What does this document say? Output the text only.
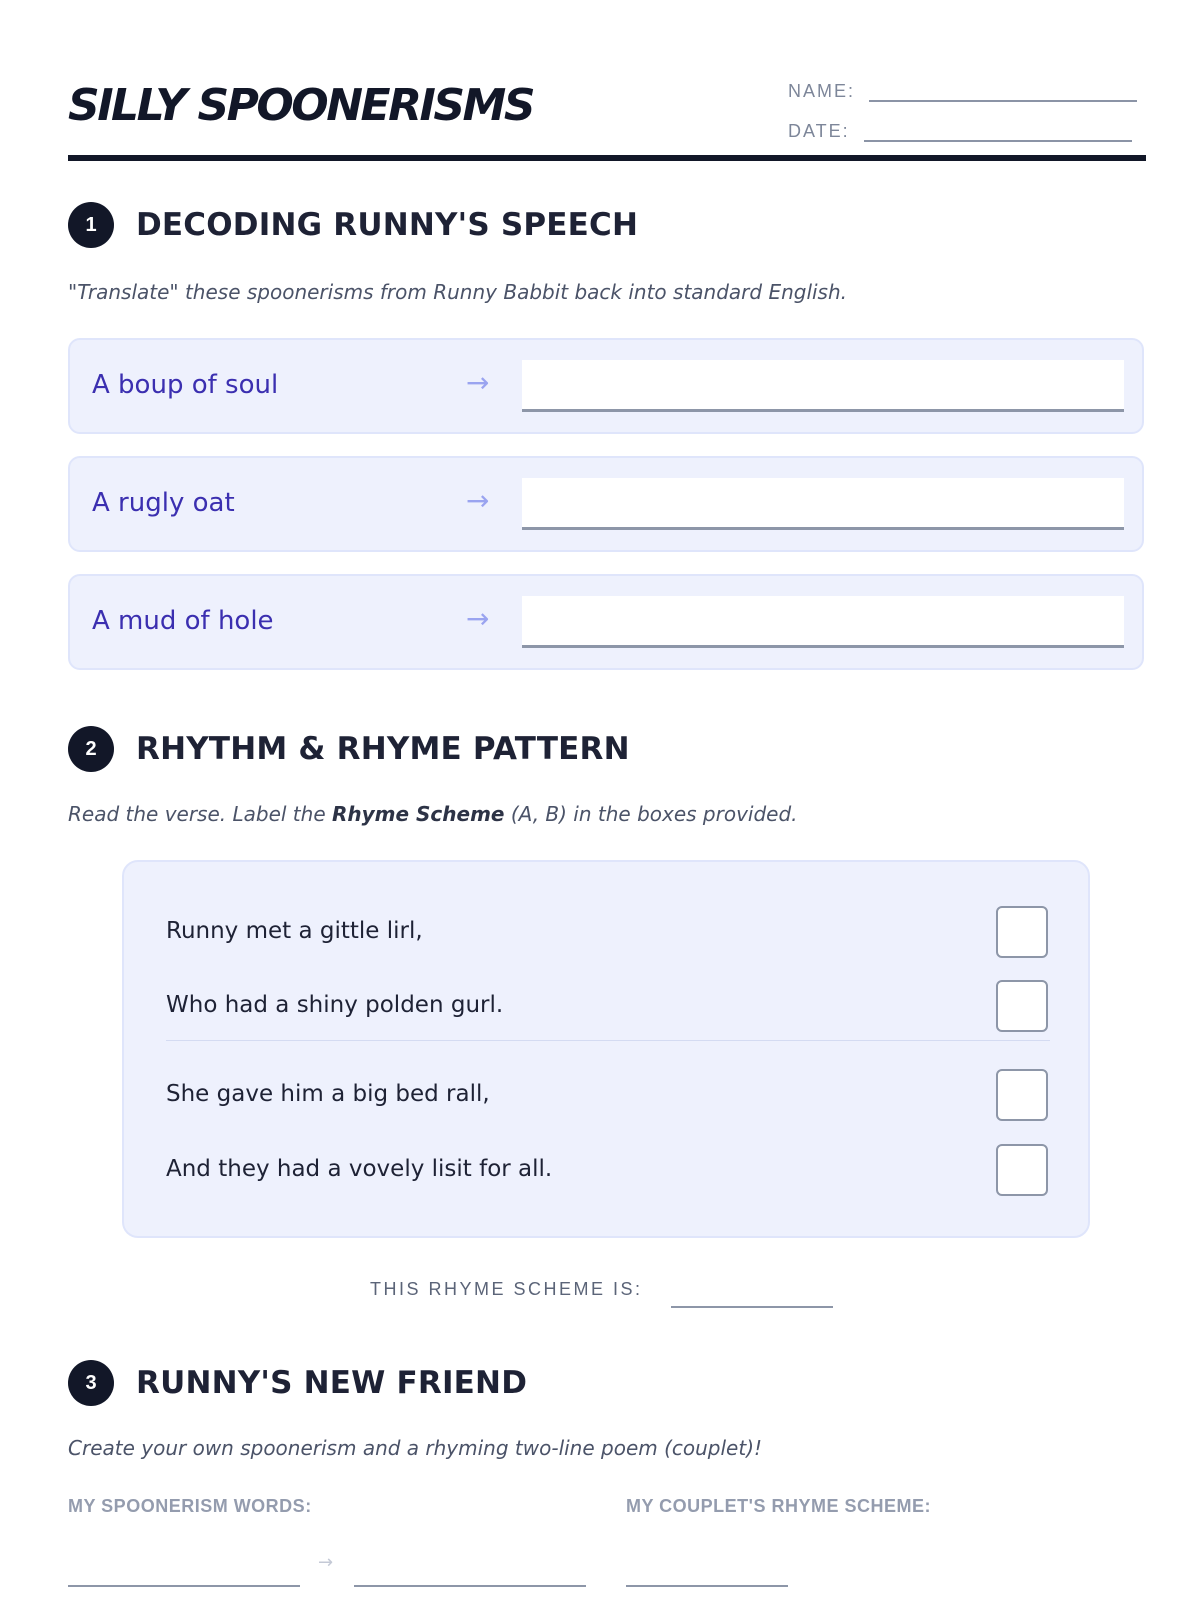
SILLY SPOONERISMS	NAME:
DATE:
1	DECODING RUNNY'S SPEECH
"Translate" these spoonerisms from Runny Babbit back into standard English.
A boup of soul	→
A rugly oat	→
A mud of hole	→
2	RHYTHM & RHYME PATTERN
Read the verse. Label the Rhyme Scheme (A, B) in the boxes provided.
Runny met a gittle lirl,
Who had a shiny polden gurl.
She gave him a big bed rall,
And they had a vovely lisit for all.
THIS RHYME SCHEME IS:
3	RUNNY'S NEW FRIEND
Create your own spoonerism and a rhyming two-line poem (couplet)!
MY SPOONERISM WORDS:	MY COUPLET'S RHYME SCHEME:
→
